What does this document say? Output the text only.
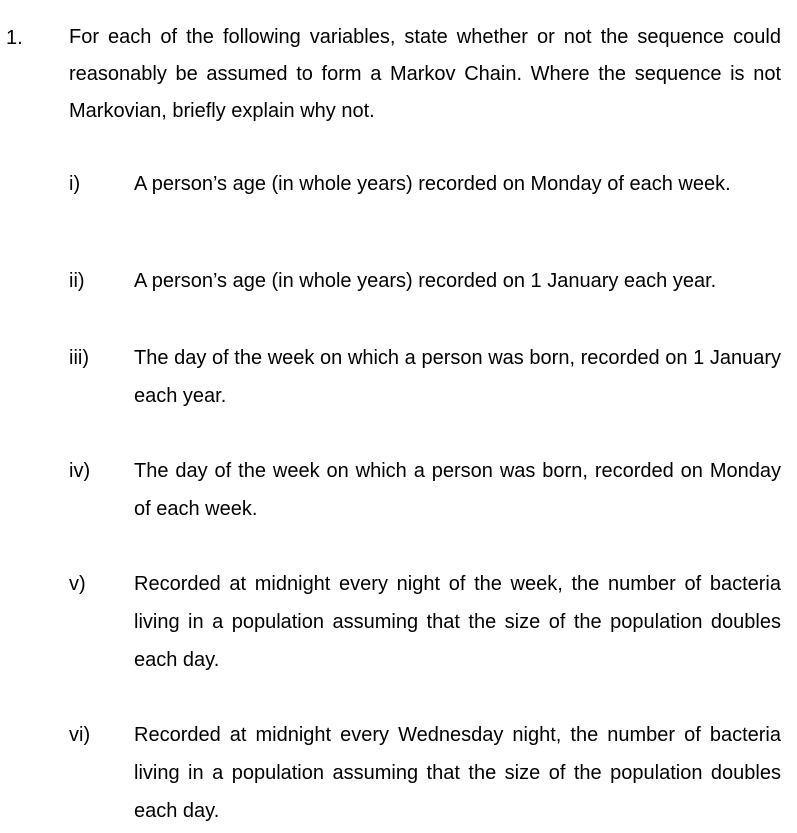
1. For each of the following variables, state whether or not the sequence could reasonably be assumed to form a Markov Chain. Where the sequence is not Markovian, briefly explain why not.
i)	A person’s age (in whole years) recorded on Monday of each week.
ii) A person’s age (in whole years) recorded on 1 January each year.
iii) The day of the week on which a person was born, recorded on 1 January each year.
iv) The day of the week on which a person was born, recorded on Monday of each week.
v) Recorded at midnight every night of the week, the number of bacteria living in a population assuming that the size of the population doubles each day.
vi) Recorded at midnight every Wednesday night, the number of bacteria living in a population assuming that the size of the population doubles each day.
